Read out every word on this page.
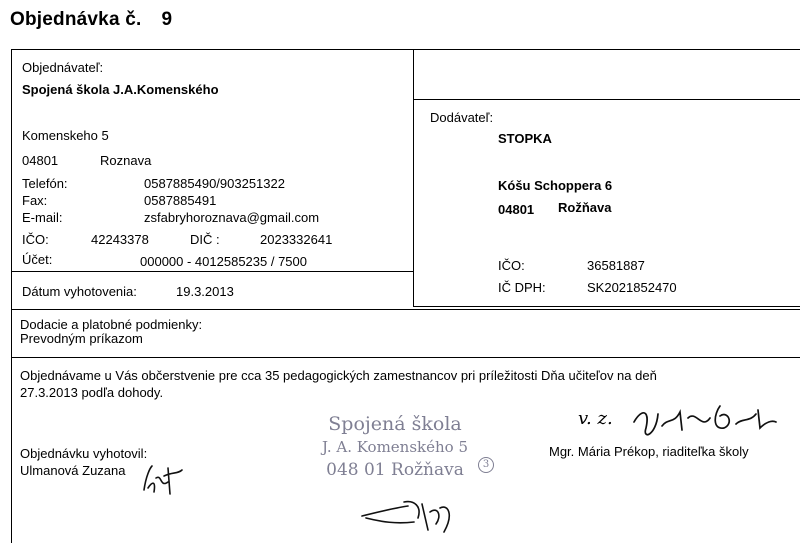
Objednávka č. 9
Objednávateľ:
Spojená škola J.A.Komenského
Komenskeho 5
04801	Roznava
Telefón:	0587885490/903251322
Fax:	0587885491
E-mail:	zsfabryhoroznava@gmail.com
IČO:	42243378	DIČ :	2023332641
Účet:	000000 - 4012585235 / 7500
Dátum vyhotovenia:	19.3.2013
Dodávateľ:
STOPKA
Kóšu Schoppera 6
04801 Rožňava
IČO:	36581887
IČ DPH:	SK2021852470
Dodacie a platobné podmienky:
Prevodným príkazom
Objednávame u Vás občerstvenie pre cca 35 pedagogických zamestnancov pri príležitosti Dňa učiteľov na deň
27.3.2013 podľa dohody.
Objednávku vyhotovil:
Ulmanová Zuzana
Spojená škola
J. A. Komenského 5
048 01 Rožňava	3
v. z.
Mgr. Mária Prékop, riaditeľka školy
